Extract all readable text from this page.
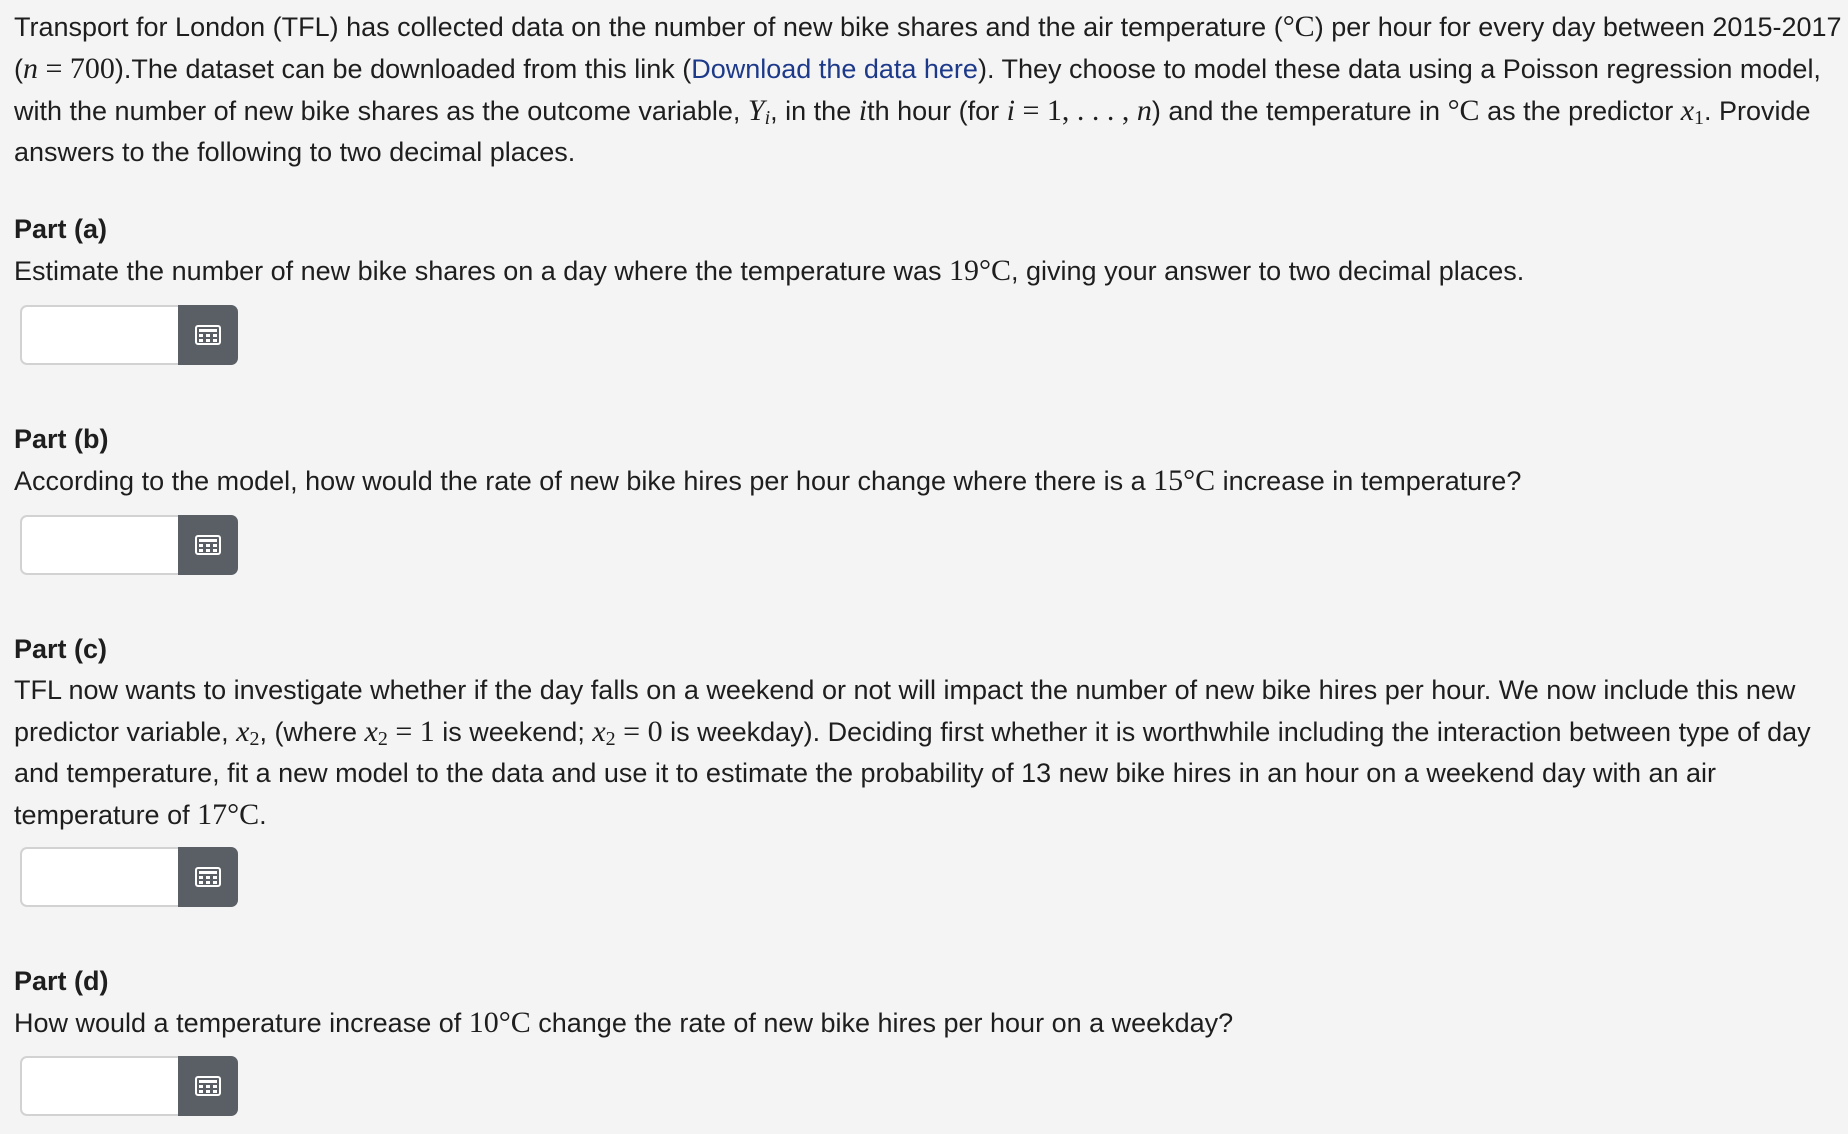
Transport for London (TFL) has collected data on the number of new bike shares and the air temperature (°C) per hour for every day between 2015-2017 (n = 700).The dataset can be downloaded from this link (Download the data here). They choose to model these data using a Poisson regression model, with the number of new bike shares as the outcome variable, $Y_i$, in the ith hour (for i = 1, . . . , n) and the temperature in °C as the predictor $x_1$. Provide answers to the following to two decimal places.
Part (a)
Estimate the number of new bike shares on a day where the temperature was 19°C, giving your answer to two decimal places.
Part (b)
According to the model, how would the rate of new bike hires per hour change where there is a 15°C increase in temperature?
Part (c)
TFL now wants to investigate whether if the day falls on a weekend or not will impact the number of new bike hires per hour. We now include this new predictor variable, $x_2$, (where $x_2 = 1$ is weekend; $x_2 = 0$ is weekday). Deciding first whether it is worthwhile including the interaction between type of day and temperature, fit a new model to the data and use it to estimate the probability of 13 new bike hires in an hour on a weekend day with an air temperature of 17°C.
Part (d)
How would a temperature increase of 10°C change the rate of new bike hires per hour on a weekday?
